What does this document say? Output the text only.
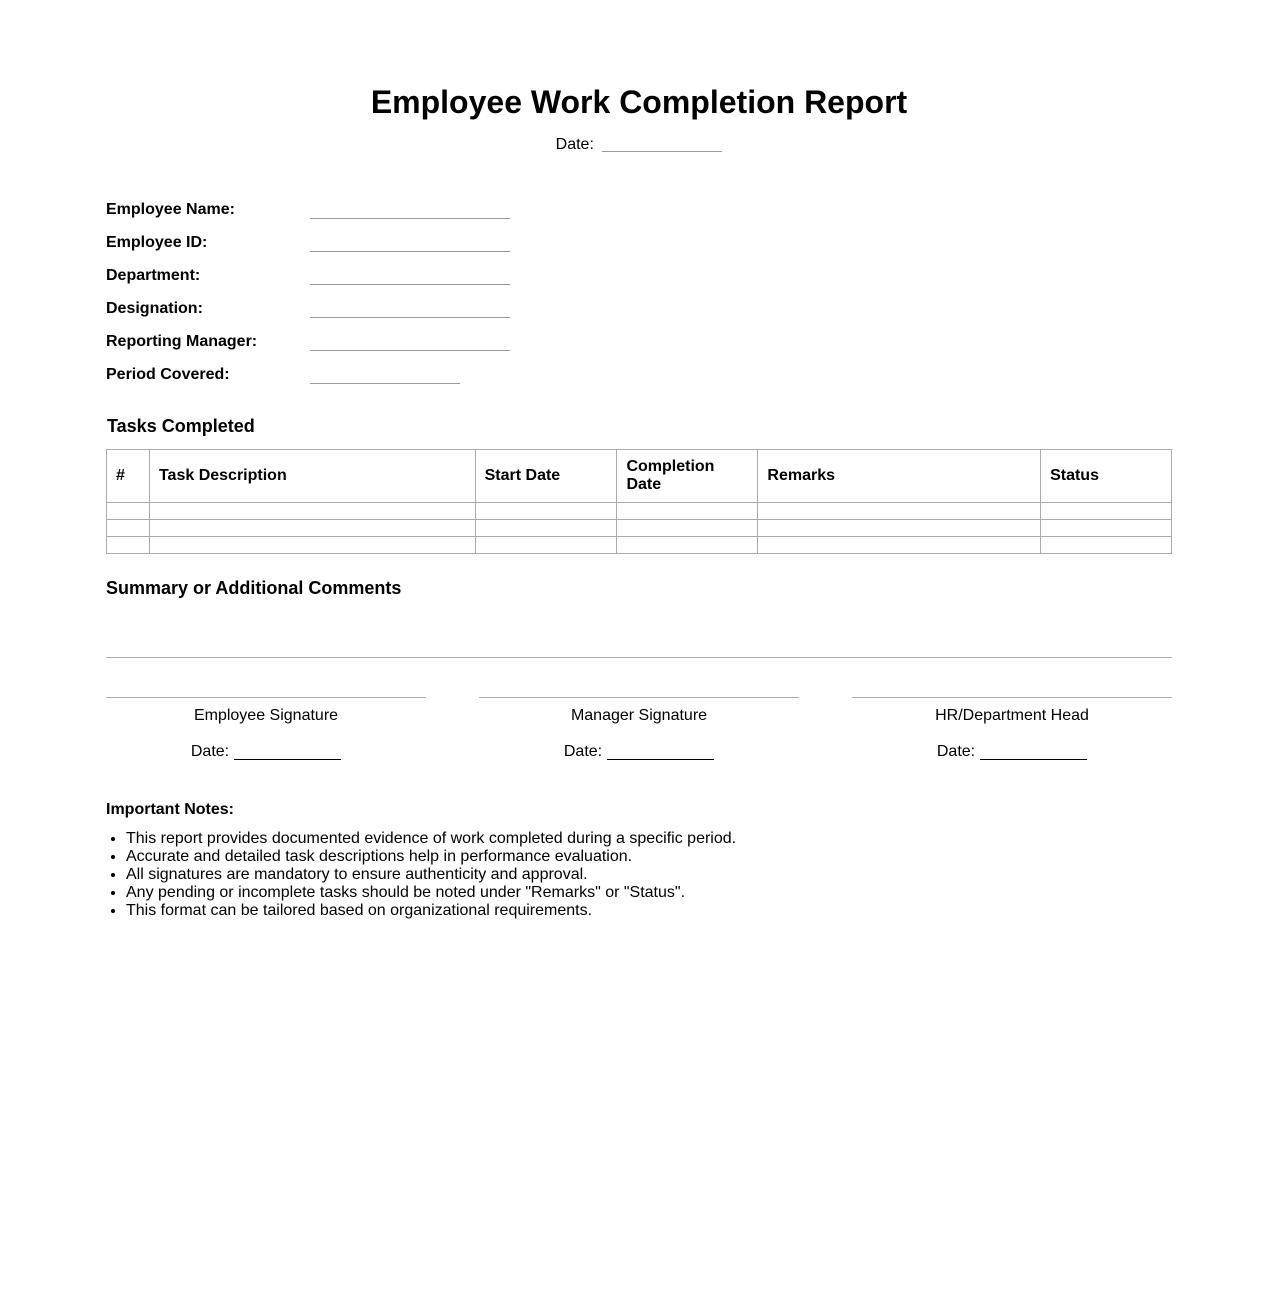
Employee Work Completion Report
Date:
Employee Name:
Employee ID:
Department:
Designation:
Reporting Manager:
Period Covered:
Tasks Completed
#	Task Description	Start Date	Completion Date	Remarks	Status

Summary or Additional Comments
Employee Signature
Date:
Manager Signature
Date:
HR/Department Head
Date:
Important Notes:
• This report provides documented evidence of work completed during a specific period.
• Accurate and detailed task descriptions help in performance evaluation.
• All signatures are mandatory to ensure authenticity and approval.
• Any pending or incomplete tasks should be noted under "Remarks" or "Status".
• This format can be tailored based on organizational requirements.
